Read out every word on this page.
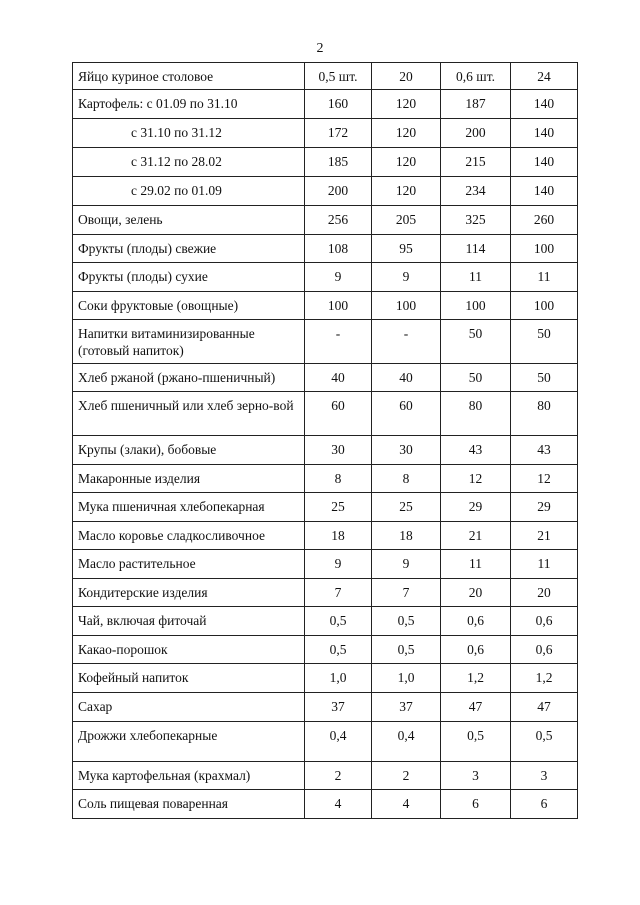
2
Яйцо куриное столовое	0,5 шт.	20	0,6 шт.	24
Картофель: с 01.09 по 31.10	160	120	187	140
с 31.10 по 31.12	172	120	200	140
с 31.12 по 28.02	185	120	215	140
с 29.02 по 01.09	200	120	234	140
Овощи, зелень	256	205	325	260
Фрукты (плоды) свежие	108	95	114	100
Фрукты (плоды) сухие	9	9	11	11
Соки фруктовые (овощные)	100	100	100	100
Напитки витаминизированные (готовый напиток)	-	-	50	50
Хлеб ржаной (ржано-пшеничный)	40	40	50	50
Хлеб пшеничный или хлеб зерно-вой	60	60	80	80
Крупы (злаки), бобовые	30	30	43	43
Макаронные изделия	8	8	12	12
Мука пшеничная хлебопекарная	25	25	29	29
Масло коровье сладкосливочное	18	18	21	21
Масло растительное	9	9	11	11
Кондитерские изделия	7	7	20	20
Чай, включая фиточай	0,5	0,5	0,6	0,6
Какао-порошок	0,5	0,5	0,6	0,6
Кофейный напиток	1,0	1,0	1,2	1,2
Сахар	37	37	47	47
Дрожжи хлебопекарные	0,4	0,4	0,5	0,5
Мука картофельная (крахмал)	2	2	3	3
Соль пищевая поваренная	4	4	6	6
